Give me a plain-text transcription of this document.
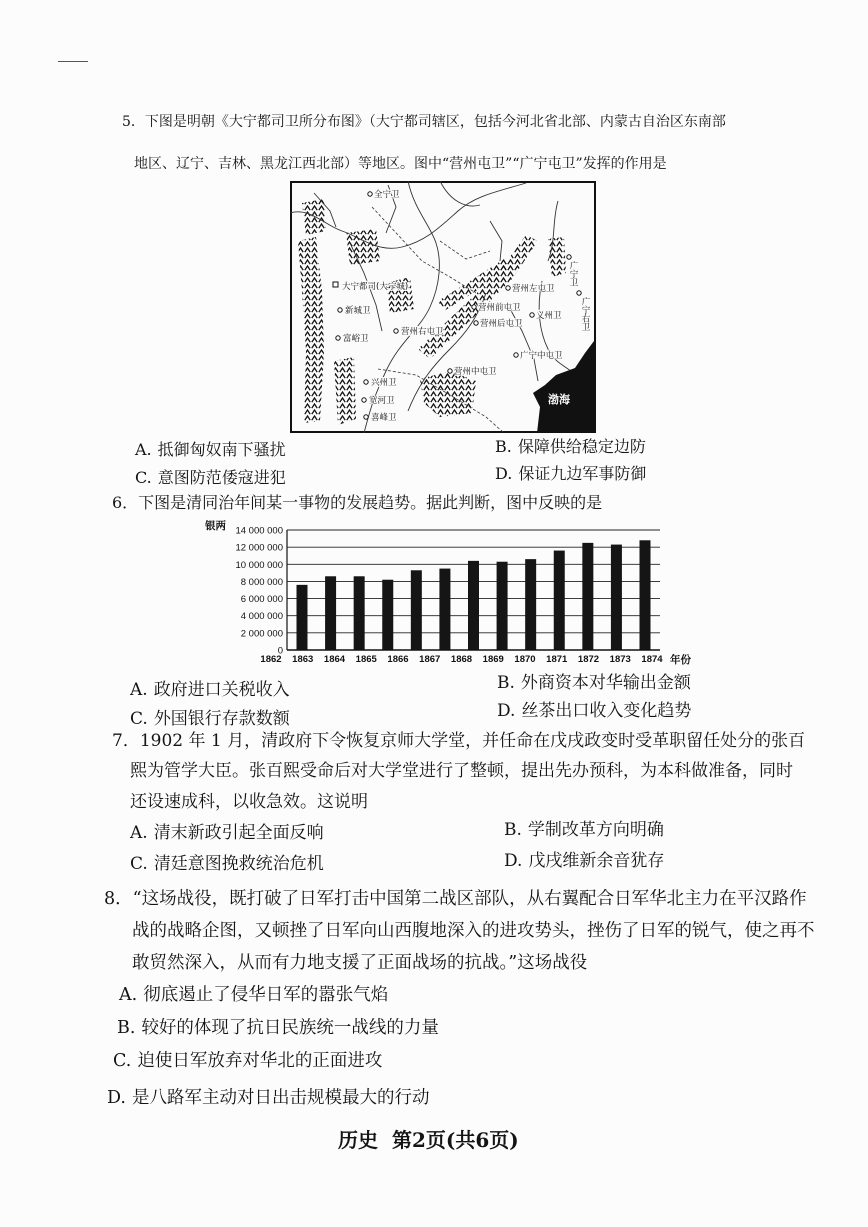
5．下图是明朝《大宁都司卫所分布图》（大宁都司辖区，包括今河北省北部、内蒙古自治区东南部
地区、辽宁、吉林、黑龙江西北部）等地区。图中“营州屯卫”“广宁屯卫”发挥的作用是
全宁卫
大宁都司(大宁城)
新城卫
富峪卫
营州右屯卫
营州前屯卫
营州左屯卫
营州后屯卫
义州卫
广宁卫
广宁右卫
广宁中屯卫
营州中屯卫
兴州卫
宽河卫
喜峰卫
渤海
A. 抵御匈奴南下骚扰	B. 保障供给稳定边防
C. 意图防范倭寇进犯	D. 保证九边军事防御
6．下图是清同治年间某一事物的发展趋势。据此判断，图中反映的是
银两
0
2 000 000
4 000 000
6 000 000
8 000 000
10 000 000
12 000 000
14 000 000
1862 1863 1864 1865 1866 1867 1868 1869 1870 1871 1872 1873 1874 年份
A. 政府进口关税收入	B. 外商资本对华输出金额
C. 外国银行存款数额	D. 丝茶出口收入变化趋势
7．1902 年 1 月，清政府下令恢复京师大学堂，并任命在戊戌政变时受革职留任处分的张百
熙为管学大臣。张百熙受命后对大学堂进行了整顿，提出先办预科，为本科做准备，同时
还设速成科，以收急效。这说明
A. 清末新政引起全面反响	B. 学制改革方向明确
C. 清廷意图挽救统治危机	D. 戊戌维新余音犹存
8．“这场战役，既打破了日军打击中国第二战区部队，从右翼配合日军华北主力在平汉路作
战的战略企图，又顿挫了日军向山西腹地深入的进攻势头，挫伤了日军的锐气，使之再不
敢贸然深入，从而有力地支援了正面战场的抗战。”这场战役
A. 彻底遏止了侵华日军的嚣张气焰
B. 较好的体现了抗日民族统一战线的力量
C. 迫使日军放弃对华北的正面进攻
D. 是八路军主动对日出击规模最大的行动
历史 第2页(共6页)
